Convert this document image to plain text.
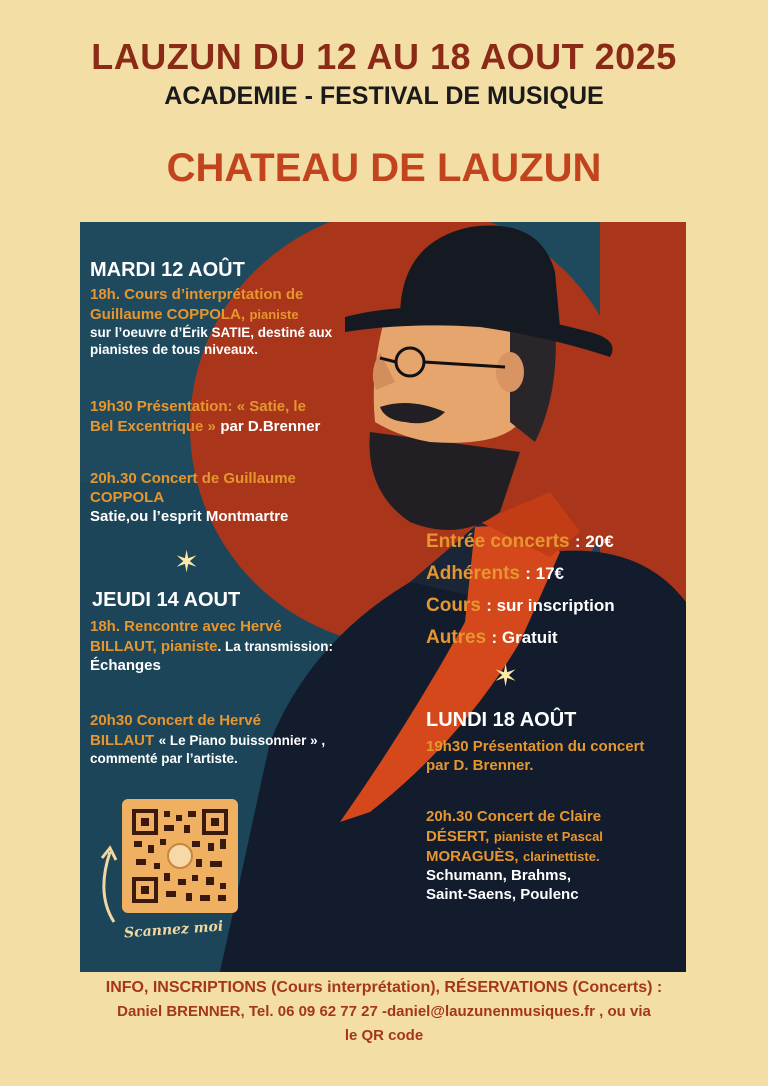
LAUZUN DU 12 AU 18 AOUT 2025
ACADEMIE - FESTIVAL DE MUSIQUE
CHATEAU DE LAUZUN
MARDI 12 AOÛT
18h. Cours d’interprétation de
Guillaume COPPOLA, pianiste
sur l’oeuvre d’Érik SATIE, destiné aux
pianistes de tous niveaux.
19h30 Présentation: « Satie, le
Bel Excentrique » par D.Brenner
20h.30 Concert de Guillaume
COPPOLA
Satie,ou l’esprit Montmartre
✶
JEUDI 14 AOUT
18h. Rencontre avec Hervé
BILLAUT, pianiste. La transmission:
Échanges
20h30 Concert de Hervé
BILLAUT « Le Piano buissonnier » ,
commenté par l’artiste.
Scannez moi
Entrée concerts : 20€
Adhérents : 17€
Cours : sur inscription
Autres : Gratuit
✶
LUNDI 18 AOÛT
19h30 Présentation du concert
par D. Brenner.
20h.30 Concert de Claire
DÉSERT, pianiste et Pascal
MORAGUÈS, clarinettiste.
Schumann, Brahms,
Saint-Saens, Poulenc
INFO, INSCRIPTIONS (Cours interprétation), RÉSERVATIONS (Concerts) :
Daniel BRENNER, Tel. 06 09 62 77 27 -daniel@lauzunenmusiques.fr , ou via
le QR code
